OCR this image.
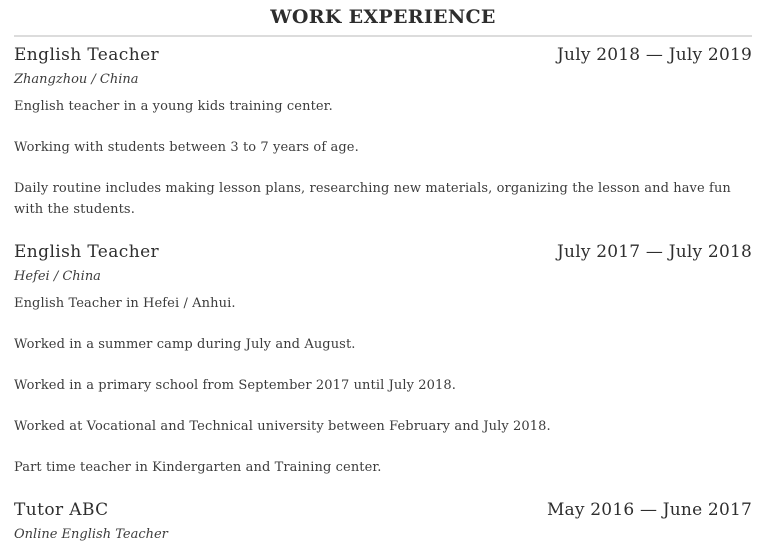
WORK EXPERIENCE
English Teacher	July 2018 — July 2019
Zhangzhou / China

English teacher in a young kids training center.

Working with students between 3 to 7 years of age.

Daily routine includes making lesson plans, researching new materials, organizing the lesson and have fun with the students.

English Teacher	July 2017 — July 2018
Hefei / China

English Teacher in Hefei / Anhui.

Worked in a summer camp during July and August.

Worked in a primary school from September 2017 until July 2018.

Worked at Vocational and Technical university between February and July 2018.

Part time teacher in Kindergarten and Training center.

Tutor ABC	May 2016 — June 2017
Online English Teacher
